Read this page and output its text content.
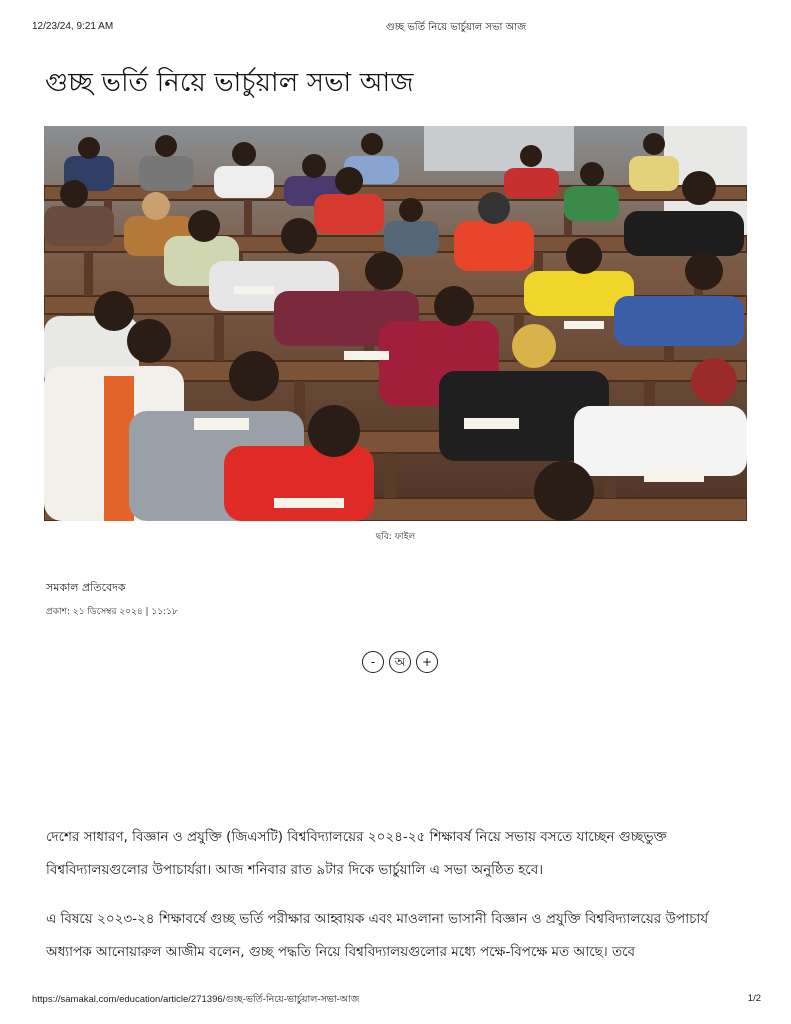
12/23/24, 9:21 AM	গুচ্ছ ভর্তি নিয়ে ভার্চুয়াল সভা আজ
গুচ্ছ ভর্তি নিয়ে ভার্চুয়াল সভা আজ
ছবি: ফাইল
সমকাল প্রতিবেদক
প্রকাশ: ২১ ডিসেম্বর ২০২৪ | ১১:১৮
-	অ	+

দেশের সাধারণ, বিজ্ঞান ও প্রযুক্তি (জিএসটি) বিশ্ববিদ্যালয়ের ২০২৪-২৫ শিক্ষাবর্ষ নিয়ে সভায় বসতে যাচ্ছেন গুচ্ছভুক্ত বিশ্ববিদ্যালয়গুলোর উপাচার্যরা। আজ শনিবার রাত ৯টার দিকে ভার্চুয়ালি এ সভা অনুষ্ঠিত হবে।

এ বিষয়ে ২০২৩-২৪ শিক্ষাবর্ষে গুচ্ছ ভর্তি পরীক্ষার আহ্বায়ক এবং মাওলানা ভাসানী বিজ্ঞান ও প্রযুক্তি বিশ্ববিদ্যালয়ের উপাচার্য অধ্যাপক আনোয়ারুল আজীম বলেন, গুচ্ছ পদ্ধতি নিয়ে বিশ্ববিদ্যালয়গুলোর মধ্যে পক্ষে-বিপক্ষে মত আছে। তবে

https://samakal.com/education/article/271396/গুচ্ছ-ভর্তি-নিয়ে-ভার্চুয়াল-সভা-আজ	1/2
